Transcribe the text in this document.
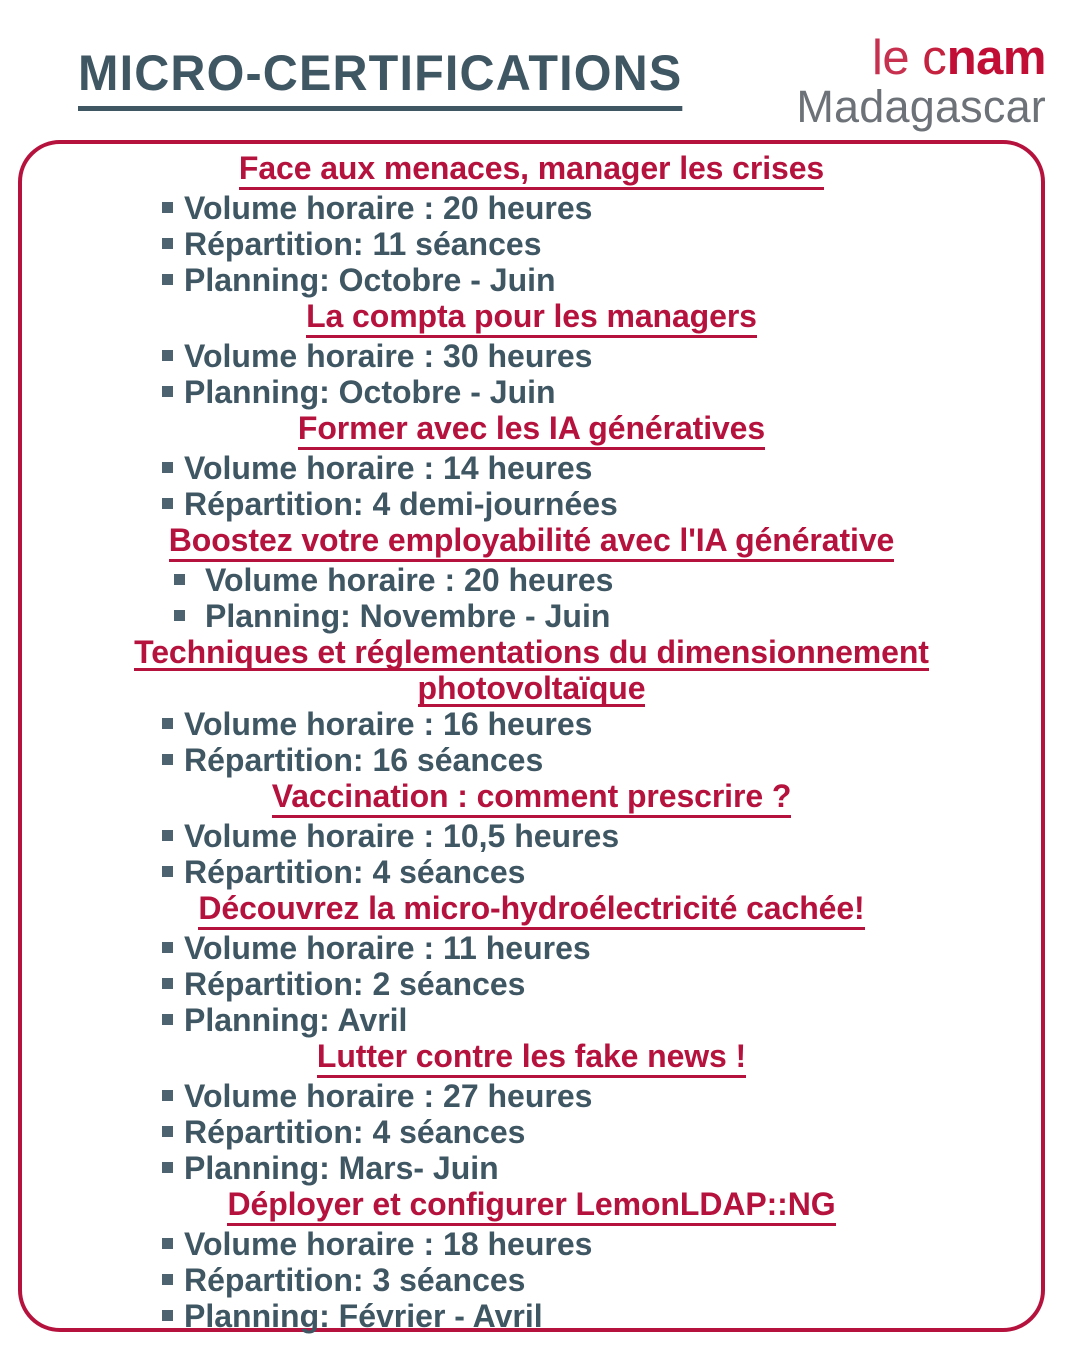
MICRO-CERTIFICATIONS	le cnam
Madagascar
Face aux menaces, manager les crises
Volume horaire : 20 heures
Répartition: 11 séances
Planning: Octobre - Juin
La compta pour les managers
Volume horaire : 30 heures
Planning: Octobre - Juin
Former avec les IA génératives
Volume horaire : 14 heures
Répartition: 4 demi-journées
Boostez votre employabilité avec l'IA générative
Volume horaire : 20 heures
Planning: Novembre - Juin
Techniques et réglementations du dimensionnement photovoltaïque
Volume horaire : 16 heures
Répartition: 16 séances
Vaccination : comment prescrire ?
Volume horaire : 10,5 heures
Répartition: 4 séances
Découvrez la micro-hydroélectricité cachée!
Volume horaire : 11 heures
Répartition: 2 séances
Planning: Avril
Lutter contre les fake news !
Volume horaire : 27 heures
Répartition: 4 séances
Planning: Mars- Juin
Déployer et configurer LemonLDAP::NG
Volume horaire : 18 heures
Répartition: 3 séances
Planning: Février - Avril
